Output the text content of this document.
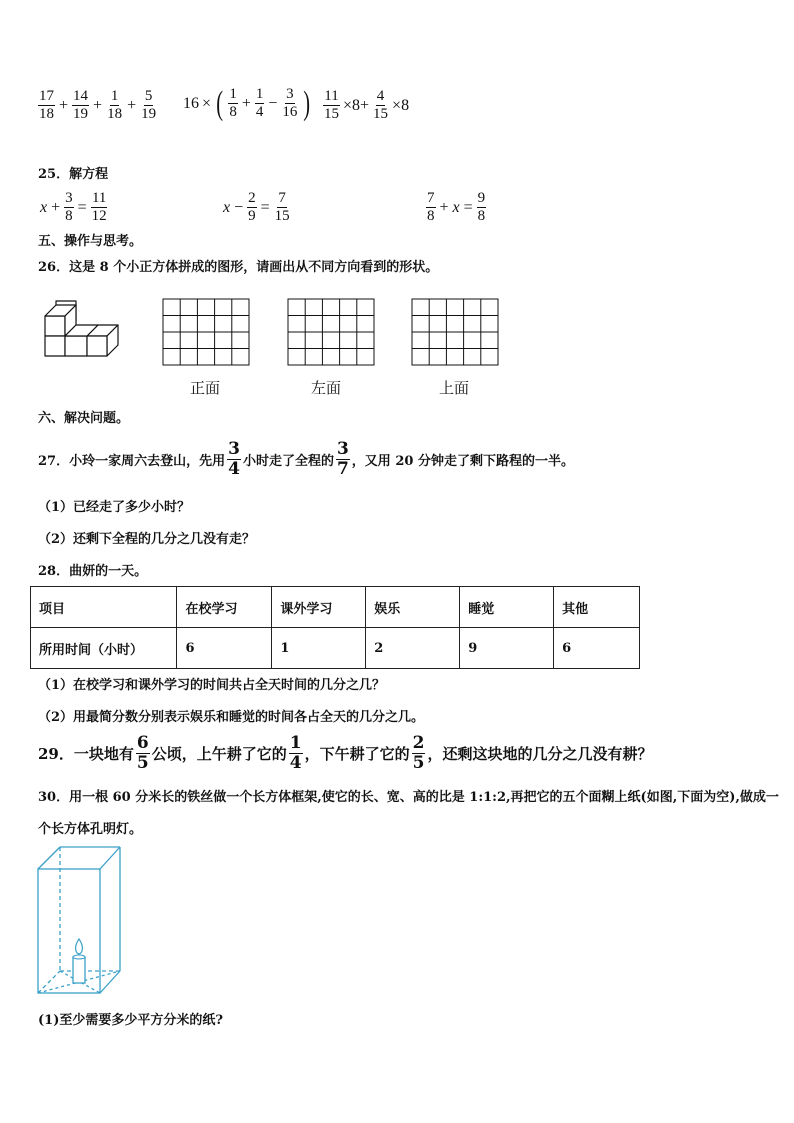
$\frac{17}{18} + \frac{14}{19} + \frac{1}{18} + \frac{5}{19} 16$ × ( $\frac{1}{8} + \frac{1}{4} - \frac{3}{16}$ ) $\frac{11}{15} \times 8+ \frac{4}{15} \times 8$
25．解方程
$x + \frac{3}{8} = \frac{11}{12}$	$x - \frac{2}{9} = \frac{7}{15}$	$\frac{7}{8} + x = \frac{9}{8}$
五、操作与思考。
26．这是 8 个小正方体拼成的图形，请画出从不同方向看到的形状。
正面	左面	上面
六、解决问题。
27．小玲一家周六去登山，先用 $\frac{3}{4}$ 小时走了全程的 $\frac{3}{7}$ ，又用 20 分钟走了剩下路程的一半。
（1）已经走了多少小时？
（2）还剩下全程的几分之几没有走？
28．曲妍的一天。
项目	在校学习	课外学习	娱乐	睡觉	其他
所用时间（小时）	6	1	2	9	6
（1）在校学习和课外学习的时间共占全天时间的几分之几？
（2）用最简分数分别表示娱乐和睡觉的时间各占全天的几分之几。
29．一块地有 $\frac{6}{5}$ 公顷，上午耕了它的 $\frac{1}{4}$ ，下午耕了它的 $\frac{2}{5}$ ，还剩这块地的几分之几没有耕？
30．用一根 60 分米长的铁丝做一个长方体框架,使它的长、宽、高的比是 1:1:2,再把它的五个面糊上纸(如图,下面为空),做成一个长方体孔明灯。
(1)至少需要多少平方分米的纸?
